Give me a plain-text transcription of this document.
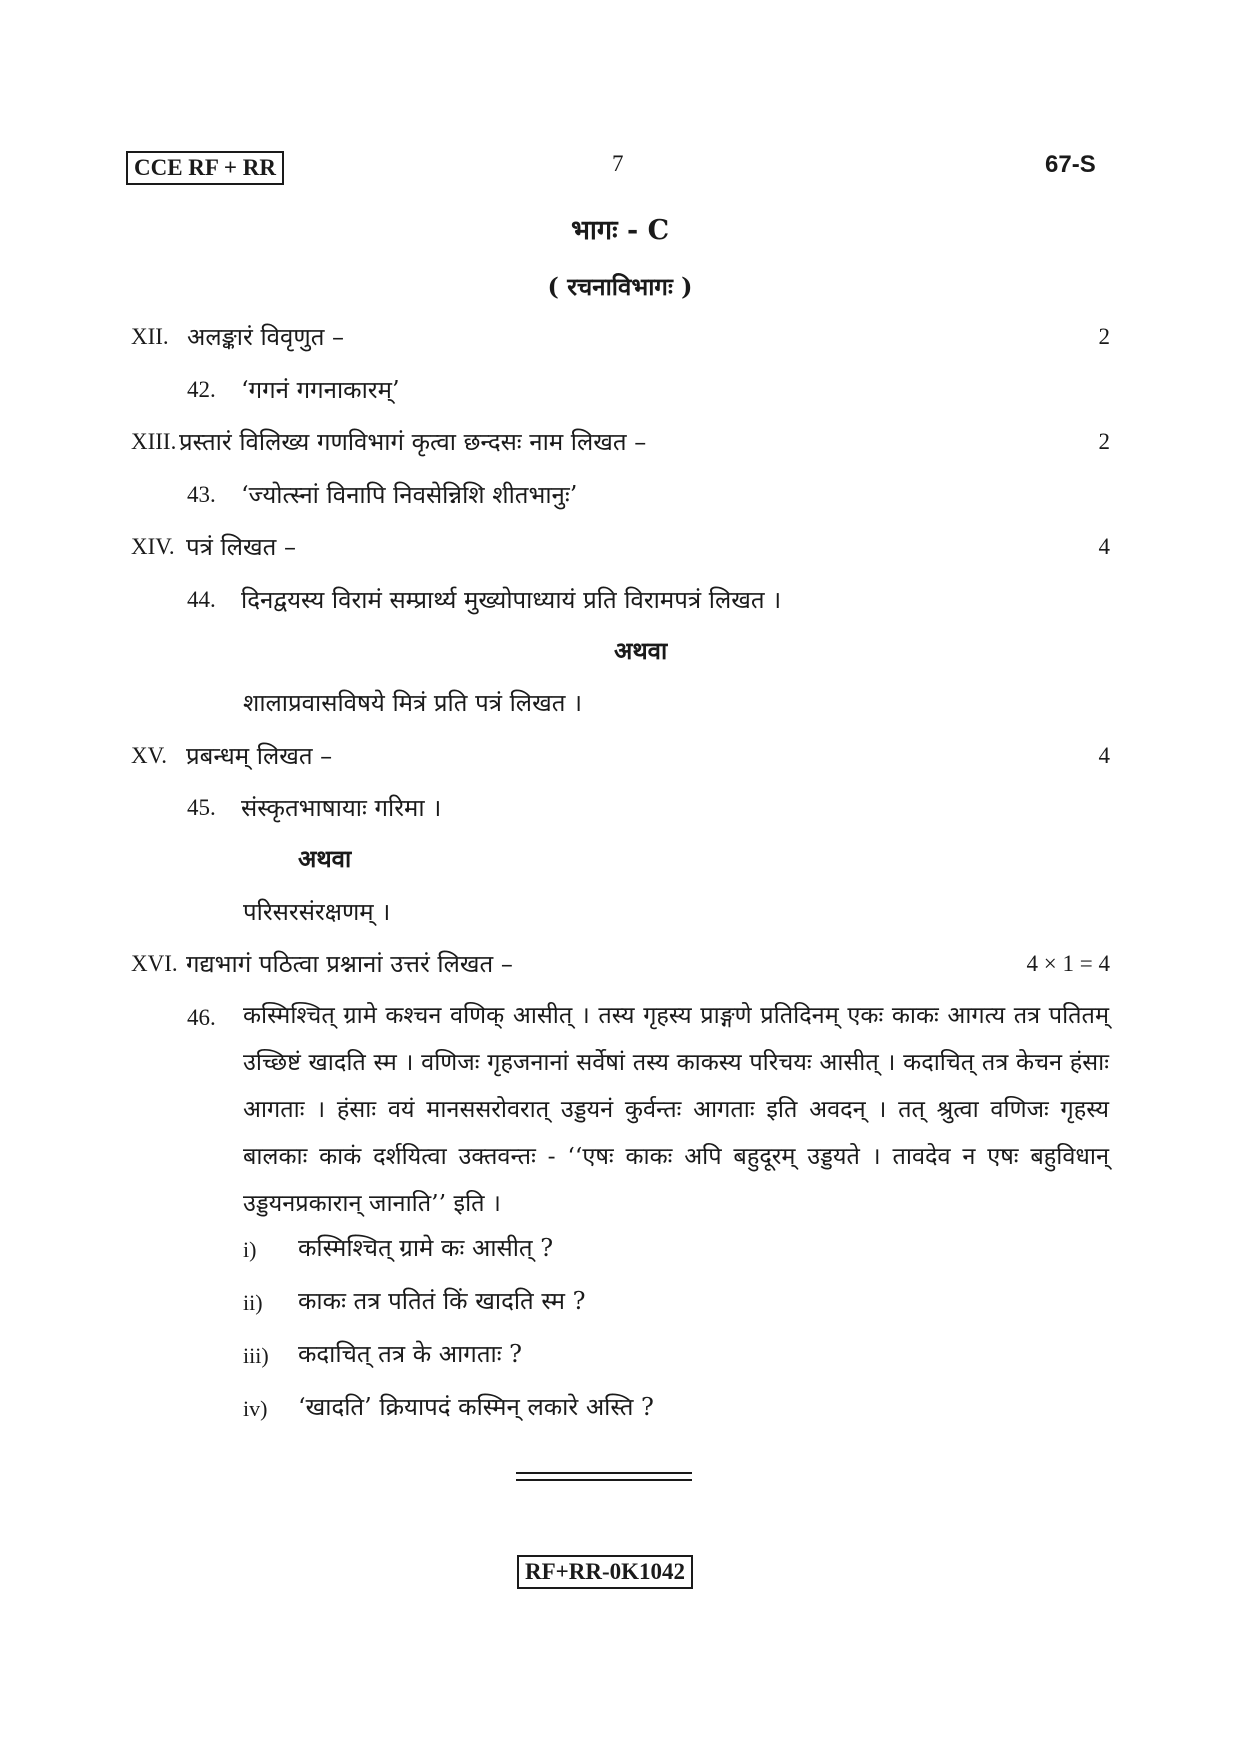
CCE RF + RR	7	67-S
भागः - C
( रचनाविभागः )
XII. अलङ्कारं विवृणुत –	2
42. ‘गगनं गगनाकारम्’
XIII. प्रस्तारं विलिख्य गणविभागं कृत्वा छन्दसः नाम लिखत –	2
43. ‘ज्योत्स्नां विनापि निवसेन्निशि शीतभानुः’
XIV. पत्रं लिखत –	4
44. दिनद्वयस्य विरामं सम्प्रार्थ्य मुख्योपाध्यायं प्रति विरामपत्रं लिखत ।
अथवा
शालाप्रवासविषये मित्रं प्रति पत्रं लिखत ।
XV. प्रबन्धम् लिखत –	4
45. संस्कृतभाषायाः गरिमा ।
अथवा
परिसरसंरक्षणम् ।
XVI. गद्यभागं पठित्वा प्रश्नानां उत्तरं लिखत –	4 × 1 = 4
46. कस्मिश्चित् ग्रामे कश्चन वणिक् आसीत् । तस्य गृहस्य प्राङ्गणे प्रतिदिनम् एकः काकः आगत्य तत्र पतितम् उच्छिष्टं खादति स्म । वणिजः गृहजनानां सर्वेषां तस्य काकस्य परिचयः आसीत् । कदाचित् तत्र केचन हंसाः आगताः । हंसाः वयं मानससरोवरात् उड्डयनं कुर्वन्तः आगताः इति अवदन् । तत् श्रुत्वा वणिजः गृहस्य बालकाः काकं दर्शयित्वा उक्तवन्तः - ‘‘एषः काकः अपि बहुदूरम् उड्डयते । तावदेव न एषः बहुविधान् उड्डयनप्रकारान् जानाति’’ इति ।
i) कस्मिश्चित् ग्रामे कः आसीत् ?
ii) काकः तत्र पतितं किं खादति स्म ?
iii) कदाचित् तत्र के आगताः ?
iv) ‘खादति’ क्रियापदं कस्मिन् लकारे अस्ति ?
RF+RR-0K1042
